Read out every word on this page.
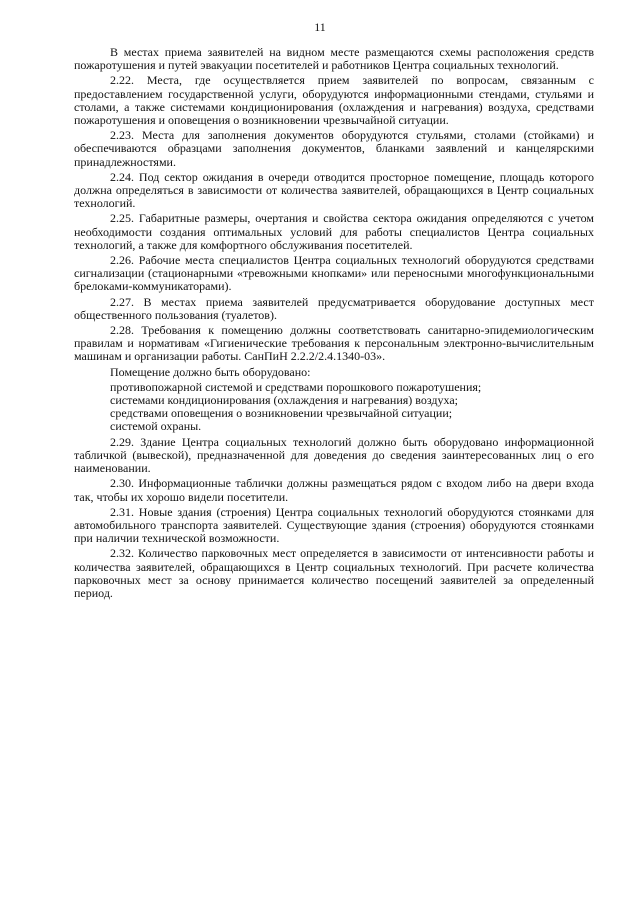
11

В местах приема заявителей на видном месте размещаются схемы расположения средств пожаротушения и путей эвакуации посетителей и работников Центра социальных технологий.

2.22. Места, где осуществляется прием заявителей по вопросам, связанным с предоставлением государственной услуги, оборудуются информационными стендами, стульями и столами, а также системами кондиционирования (охлаждения и нагревания) воздуха, средствами пожаротушения и оповещения о возникновении чрезвычайной ситуации.

2.23. Места для заполнения документов оборудуются стульями, столами (стойками) и обеспечиваются образцами заполнения документов, бланками заявлений и канцелярскими принадлежностями.

2.24. Под сектор ожидания в очереди отводится просторное помещение, площадь которого должна определяться в зависимости от количества заявителей, обращающихся в Центр социальных технологий.

2.25. Габаритные размеры, очертания и свойства сектора ожидания определяются с учетом необходимости создания оптимальных условий для работы специалистов Центра социальных технологий, а также для комфортного обслуживания посетителей.

2.26. Рабочие места специалистов Центра социальных технологий оборудуются средствами сигнализации (стационарными «тревожными кнопками» или переносными многофункциональными брелоками-коммуникаторами).

2.27. В местах приема заявителей предусматривается оборудование доступных мест общественного пользования (туалетов).

2.28. Требования к помещению должны соответствовать санитарно-эпидемиологическим правилам и нормативам «Гигиенические требования к персональным электронно-вычислительным машинам и организации работы. СанПиН 2.2.2/2.4.1340-03».

Помещение должно быть оборудовано:

противопожарной системой и средствами порошкового пожаротушения;

системами кондиционирования (охлаждения и нагревания) воздуха;

средствами оповещения о возникновении чрезвычайной ситуации;

системой охраны.

2.29. Здание Центра социальных технологий должно быть оборудовано информационной табличкой (вывеской), предназначенной для доведения до сведения заинтересованных лиц о его наименовании.

2.30. Информационные таблички должны размещаться рядом с входом либо на двери входа так, чтобы их хорошо видели посетители.

2.31. Новые здания (строения) Центра социальных технологий оборудуются стоянками для автомобильного транспорта заявителей. Существующие здания (строения) оборудуются стоянками при наличии технической возможности.

2.32. Количество парковочных мест определяется в зависимости от интенсивности работы и количества заявителей, обращающихся в Центр социальных технологий. При расчете количества парковочных мест за основу принимается количество посещений заявителей за определенный период.
